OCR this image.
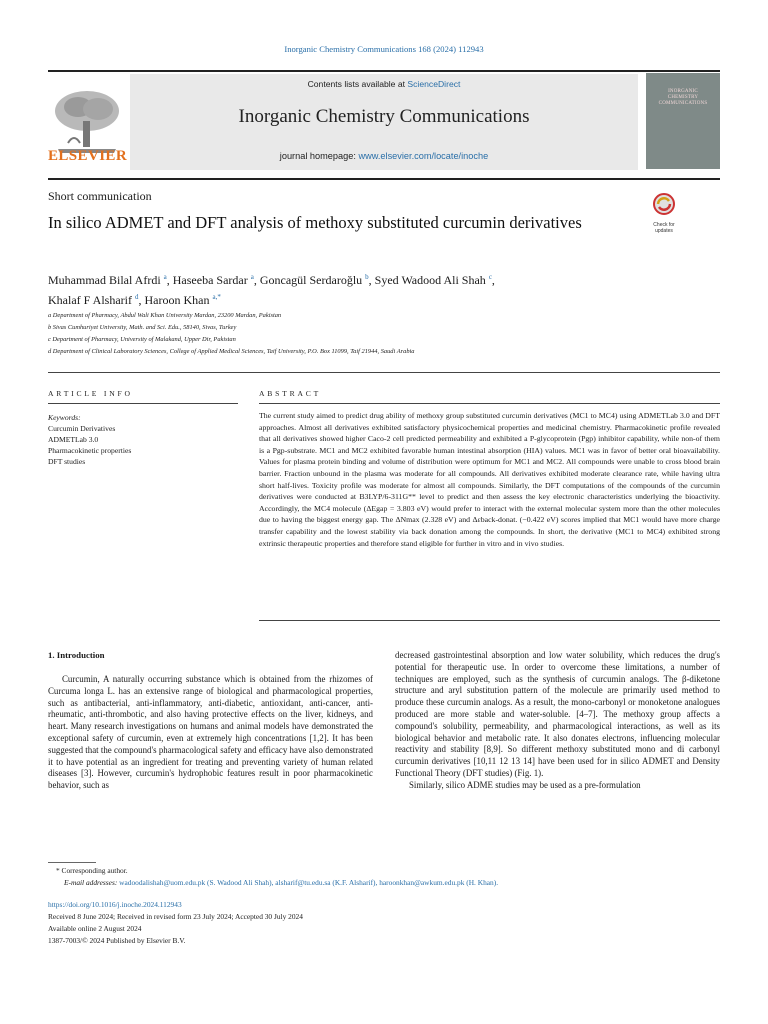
Inorganic Chemistry Communications 168 (2024) 112943
ELSEVIER
Contents lists available at ScienceDirect
Inorganic Chemistry Communications
journal homepage: www.elsevier.com/locate/inoche
INORGANIC
CHEMISTRY
COMMUNICATIONS
Short communication
In silico ADMET and DFT analysis of methoxy substituted curcumin derivatives	Check for updates
Muhammad Bilal Afrdi $^a$, Haseeba Sardar $^a$, Goncagül Serdaroğlu $^b$, Syed Wadood Ali Shah $^c$,
Khalaf F Alsharif $^d$, Haroon Khan $^{a,*}$
a Department of Pharmacy, Abdul Wali Khan University Mardan, 23200 Mardan, Pakistan
b Sivas Cumhuriyet University, Math. and Sci. Edu., 58140, Sivas, Turkey
c Department of Pharmacy, University of Malakand, Upper Dir, Pakistan
d Department of Clinical Laboratory Sciences, College of Applied Medical Sciences, Taif University, P.O. Box 11099, Taif 21944, Saudi Arabia
ARTICLE INFO	ABSTRACT
Keywords:
Curcumin Derivatives
ADMETLab 3.0
Pharmacokinetic properties
DFT studies
The current study aimed to predict drug ability of methoxy group substituted curcumin derivatives (MC1 to MC4) using ADMETLab 3.0 and DFT approaches. Almost all derivatives exhibited satisfactory physicochemical properties and medicinal chemistry. Pharmacokinetic profile revealed that all derivatives showed higher Caco-2 cell predicted permeability and exhibited a P-glycoprotein (Pgp) inhibitor capability, while non-of them is a Pgp-substrate. MC1 and MC2 exhibited favorable human intestinal absorption (HIA) values. MC1 was in favor of better oral bioavailability. Values for plasma protein binding and volume of distribution were optimum for MC1 and MC2. All compounds were unable to cross blood brain barrier. Fraction unbound in the plasma was moderate for all compounds. All derivatives exhibited moderate clearance rate, while having ultra short half-lives. Toxicity profile was moderate for almost all compounds. Similarly, the DFT computations of the compounds of the curcumin derivatives were conducted at B3LYP/6-311G** level to predict and then assess the key electronic characteristics underlying the bioactivity. Accordingly, the MC4 molecule (ΔEgap = 3.803 eV) would prefer to interact with the external molecular system more than the other molecules due to having the biggest energy gap. The ΔNmax (2.328 eV) and Δεback-donat. (−0.422 eV) scores implied that MC1 would have more charge transfer capability and the lowest stability via back donation among the compounds. In short, the derivative (MC1 to MC4) exhibited strong extrinsic therapeutic properties and therefore stand eligible for further in vitro and in vivo studies.
1. Introduction

Curcumin, A naturally occurring substance which is obtained from the rhizomes of Curcuma longa L. has an extensive range of biological and pharmacological properties, such as antibacterial, anti-inflammatory, anti-diabetic, antioxidant, anti-cancer, anti-rheumatic, anti-thrombotic, and also having protective effects on the liver, kidneys, and heart. Many research investigations on humans and animal models have demonstrated the exceptional safety of curcumin, even at extremely high concentrations [1,2]. It has been suggested that the compound's pharmacological safety and efficacy have also demonstrated it to have potential as an ingredient for treating and preventing variety of human related diseases [3]. However, curcumin's hydrophobic features result in poor pharmacokinetic behavior, such as

decreased gastrointestinal absorption and low water solubility, which reduces the drug's potential for therapeutic use. In order to overcome these limitations, a number of techniques are employed, such as the synthesis of curcumin analogs. The β-diketone structure and aryl substitution pattern of the molecule are primarily used method to produce these curcumin analogs. As a result, the mono-carbonyl or monoketone analogues produced are more stable and water-soluble. [4–7]. The methoxy group affects a compound's solubility, permeability, and pharmacological interactions, as well as its biological behavior and metabolic rate. It also donates electrons, influencing molecular reactivity and stability [8,9]. So different methoxy substituted mono and di carbonyl curcumin derivatives [10,11 12 13 14] have been used for in silico ADMET and Density Functional Theory (DFT studies) (Fig. 1).

Similarly, silico ADME studies may be used as a pre-formulation

* Corresponding author.
E-mail addresses: wadoodalishah@uom.edu.pk (S. Wadood Ali Shah), alsharif@tu.edu.sa (K.F. Alsharif), haroonkhan@awkum.edu.pk (H. Khan).
https://doi.org/10.1016/j.inoche.2024.112943
Received 8 June 2024; Received in revised form 23 July 2024; Accepted 30 July 2024
Available online 2 August 2024
1387-7003/© 2024 Published by Elsevier B.V.
